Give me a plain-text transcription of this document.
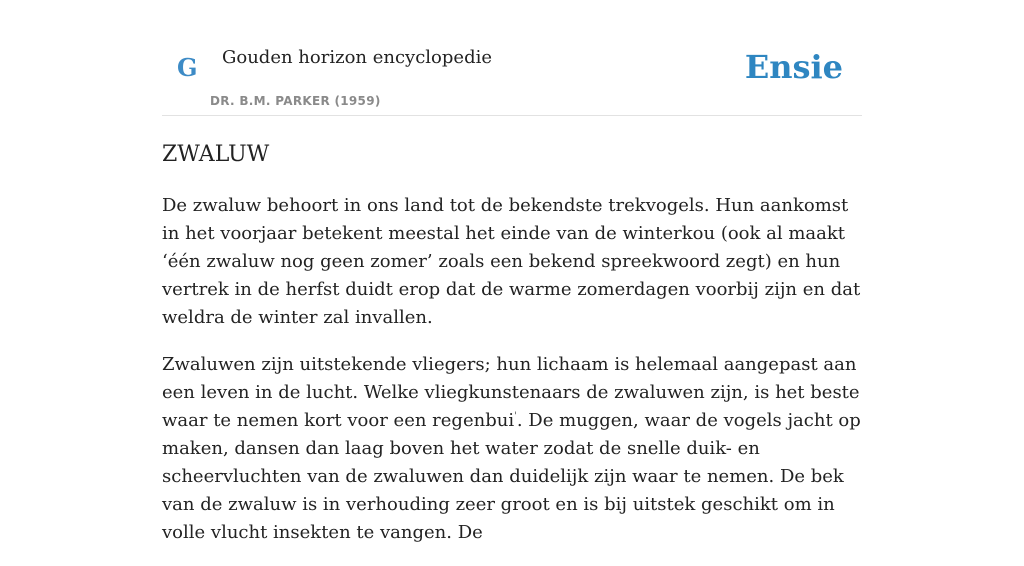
G Gouden horizon encyclopedie
DR. B.M. PARKER (1959)
Ensie
ZWALUW

De zwaluw behoort in ons land tot de bekendste trekvogels. Hun aankomst in het voorjaar betekent meestal het einde van de winterkou (ook al maakt ‘één zwaluw nog geen zomer’ zoals een bekend spreekwoord zegt) en hun vertrek in de herfst duidt erop dat de warme zomerdagen voorbij zijn en dat weldra de winter zal invallen.

Zwaluwen zijn uitstekende vliegers; hun lichaam is helemaal aangepast aan een leven in de lucht. Welke vliegkunstenaars de zwaluwen zijn, is het beste waar te nemen kort voor een regenbui'. De muggen, waar de vogels jacht op maken, dansen dan laag boven het water zodat de snelle duik- en scheervluchten van de zwaluwen dan duidelijk zijn waar te nemen. De bek van de zwaluw is in verhouding zeer groot en is bij uitstek geschikt om in volle vlucht insekten te vangen. De
